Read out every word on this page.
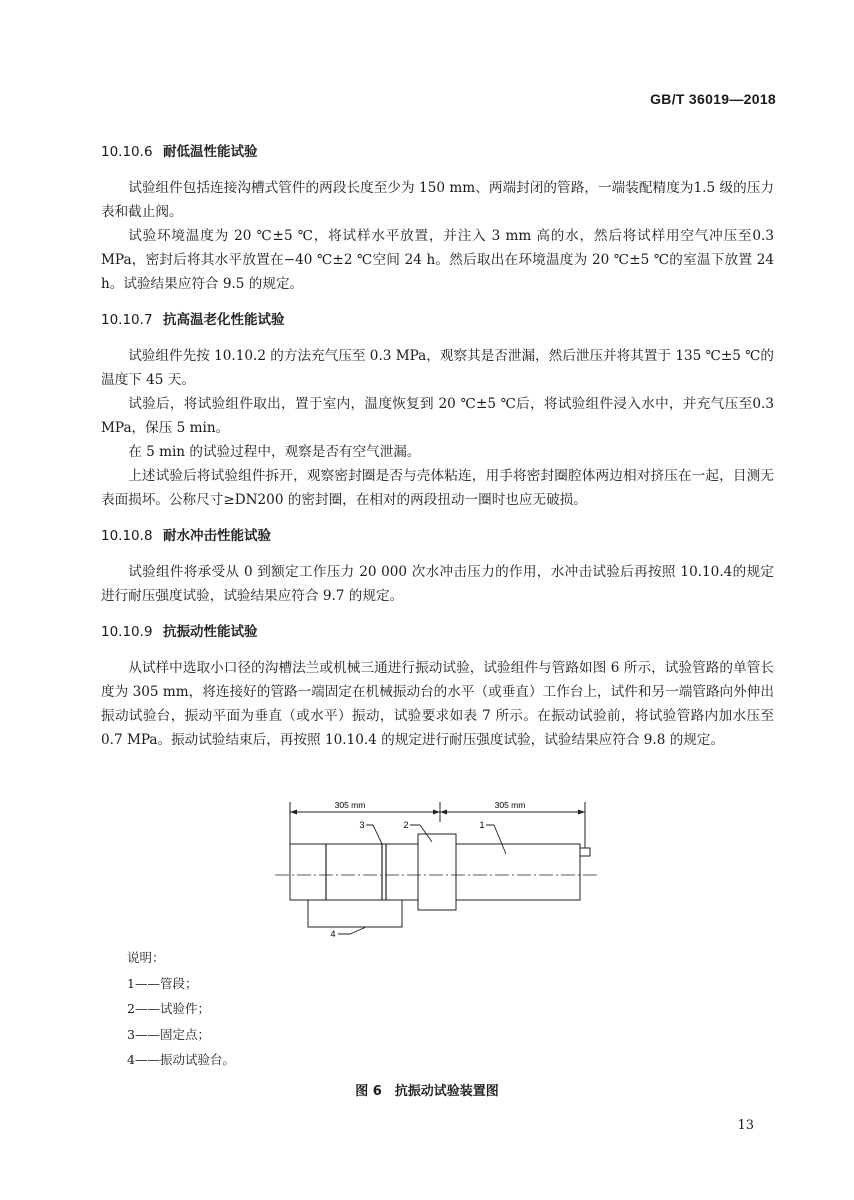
GB/T 36019—2018
10.10.6 耐低温性能试验

试验组件包括连接沟槽式管件的两段长度至少为 150 mm、两端封闭的管路，一端装配精度为1.5 级的压力表和截止阀。

试验环境温度为 20 ℃±5 ℃，将试样水平放置，并注入 3 mm 高的水，然后将试样用空气冲压至0.3 MPa，密封后将其水平放置在−40 ℃±2 ℃空间 24 h。然后取出在环境温度为 20 ℃±5 ℃的室温下放置 24 h。试验结果应符合 9.5 的规定。

10.10.7 抗高温老化性能试验

试验组件先按 10.10.2 的方法充气压至 0.3 MPa，观察其是否泄漏，然后泄压并将其置于 135 ℃±5 ℃的温度下 45 天。

试验后，将试验组件取出，置于室内，温度恢复到 20 ℃±5 ℃后，将试验组件浸入水中，并充气压至0.3 MPa，保压 5 min。

在 5 min 的试验过程中，观察是否有空气泄漏。

上述试验后将试验组件拆开，观察密封圈是否与壳体粘连，用手将密封圈腔体两边相对挤压在一起，目测无表面损坏。公称尺寸≥DN200 的密封圈，在相对的两段扭动一圈时也应无破损。

10.10.8 耐水冲击性能试验

试验组件将承受从 0 到额定工作压力 20 000 次水冲击压力的作用，水冲击试验后再按照 10.10.4的规定进行耐压强度试验，试验结果应符合 9.7 的规定。

10.10.9 抗振动性能试验

从试样中选取小口径的沟槽法兰或机械三通进行振动试验，试验组件与管路如图 6 所示，试验管路的单管长度为 305 mm，将连接好的管路一端固定在机械振动台的水平（或垂直）工作台上，试件和另一端管路向外伸出振动试验台，振动平面为垂直（或水平）振动，试验要求如表 7 所示。在振动试验前，将试验管路内加水压至 0.7 MPa。振动试验结束后，再按照 10.10.4 的规定进行耐压强度试验，试验结果应符合 9.8 的规定。

305 mm	305 mm
3	2	1
4
说明：
1——管段；
2——试验件；
3——固定点；
4——振动试验台。
图 6　抗振动试验装置图
13
